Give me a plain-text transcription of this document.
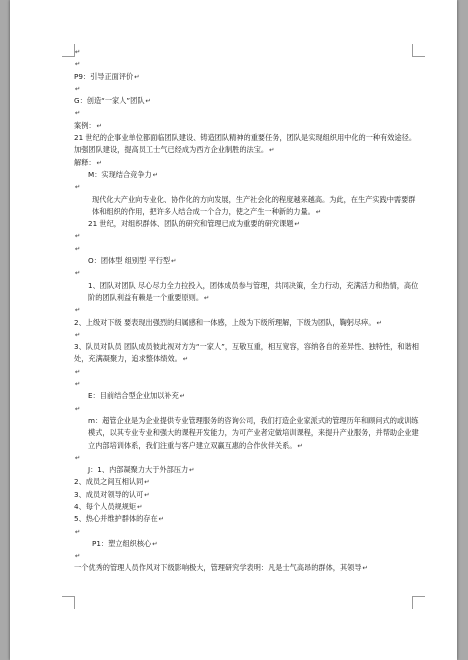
↵
↵
P9：引导正面评价↵
↵
G：创造“一家人”团队↵
↵
案例：↵
21 世纪的企事业单位都面临团队建设、铸造团队精神的重要任务，团队是实现组织用中化的一种有效途径。加强团队建设，提高员工士气已经成为西方企业制胜的法宝。↵
解释：↵
M：实现结合竞争力↵
↵
现代化大产业向专业化、协作化的方向发展，生产社会化的程度越来越高。为此，在生产实践中需要群体和组织的作用，把许多人结合成一个合力，使之产生一种新的力量。↵
21 世纪，对组织群体、团队的研究和管理已成为重要的研究课题↵
↵
↵
O：团体型 组别型 平行型↵
↵
1、团队对团队 尽心尽力全力拉投入，团体成员参与管理，共同决策，全力行动，充满活力和热情，高位阶的团队利益有赖是一个重要原则。↵
↵
2、上级对下级 要表现出强烈的归属感和一体感，上级为下级所理解，下级为团队，鞠躬尽瘁。↵
↵
3、队员对队员 团队成员彼此视对方为“一家人”，互敬互重，相互宽容，容纳各自的差异性、独特性，和谐相处，充满凝聚力，追求整体绩效。↵
↵
↵
E：目前结合型企业加以补充↵
↵
m：超管企业是为企业提供专业管理服务的咨询公司，我们打造企业家派式的管理历年和顾问式的或训练模式，以其专业专业和强大的课程开发能力，为可产业者定做培训课程，来提升产业服务，并帮助企业建立内部培训体系，我们注重与客户建立双赢互惠的合作伙伴关系。↵
↵
J：1、内部凝聚力大于外部压力↵
2、成员之间互相认同↵
3、成员对领导的认可↵
4、每个人员规规矩↵
5、热心并维护群体的存在↵
↵
P1：塑立组织核心↵
↵
一个优秀的管理人员作风对下级影响极大，管理研究学表明：凡是士气高昂的群体，其领导↵
